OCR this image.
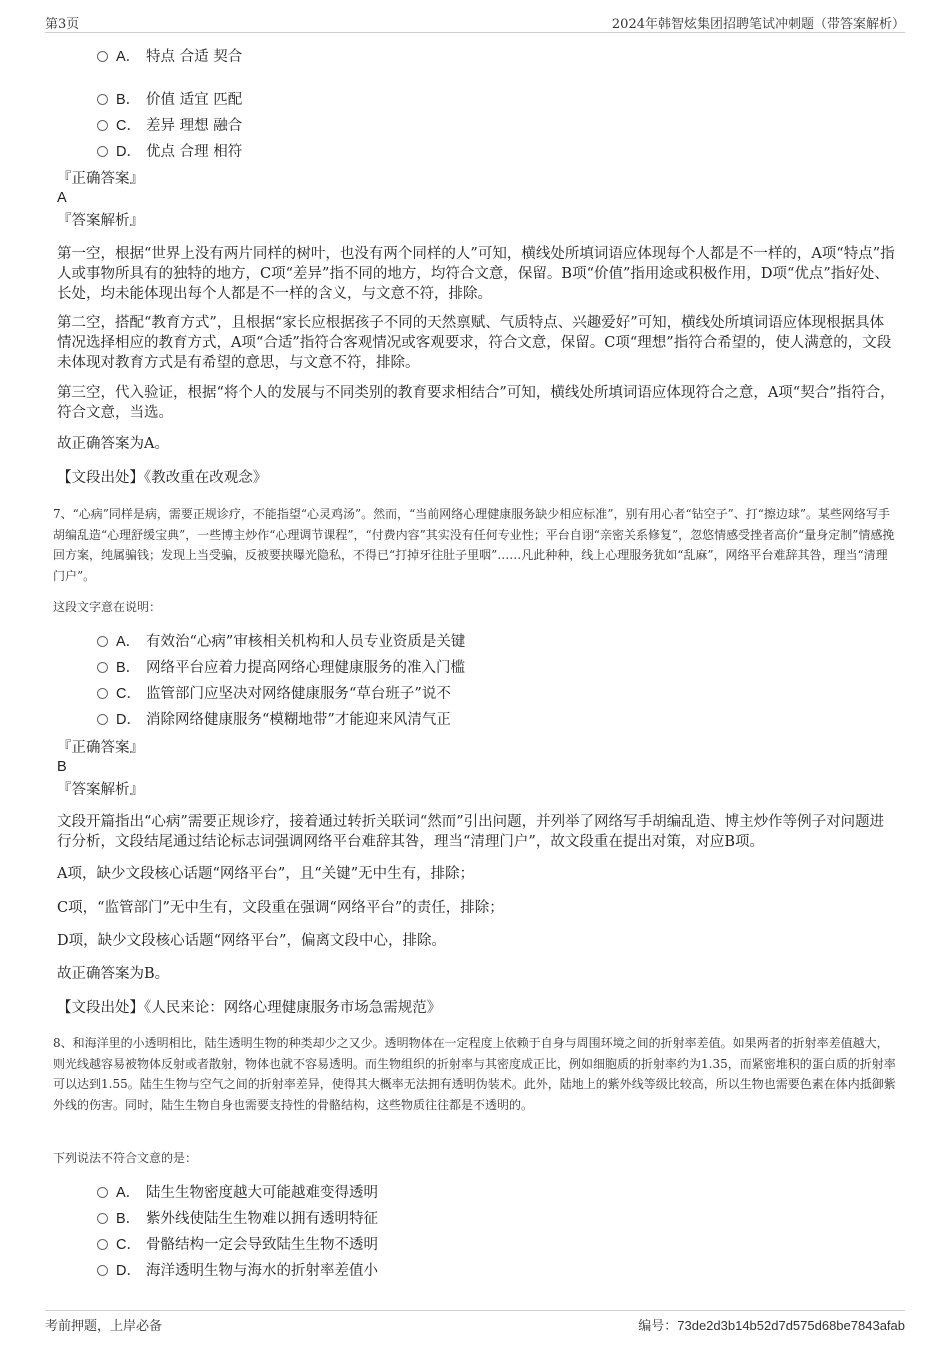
第3页	2024年韩智炫集团招聘笔试冲刺题（带答案解析）
A． 特点 合适 契合
B． 价值 适宜 匹配
C． 差异 理想 融合
D． 优点 合理 相符
『正确答案』
A
『答案解析』

第一空，根据“世界上没有两片同样的树叶，也没有两个同样的人”可知，横线处所填词语应体现每个人都是不一样的，A项“特点”指人或事物所具有的独特的地方，C项“差异”指不同的地方，均符合文意，保留。B项“价值”指用途或积极作用，D项“优点”指好处、长处，均未能体现出每个人都是不一样的含义，与文意不符，排除。

第二空，搭配“教育方式”，且根据“家长应根据孩子不同的天然禀赋、气质特点、兴趣爱好”可知，横线处所填词语应体现根据具体情况选择相应的教育方式，A项“合适”指符合客观情况或客观要求，符合文意，保留。C项“理想”指符合希望的，使人满意的，文段未体现对教育方式是有希望的意思，与文意不符，排除。

第三空，代入验证，根据“将个人的发展与不同类别的教育要求相结合”可知，横线处所填词语应体现符合之意，A项“契合”指符合，符合文意，当选。

故正确答案为A。

【文段出处】《教改重在改观念》

7、“心病”同样是病，需要正规诊疗，不能指望“心灵鸡汤”。然而，“当前网络心理健康服务缺少相应标准”，别有用心者“钻空子”、打“擦边球”。某些网络写手胡编乱造“心理舒缓宝典”，一些博主炒作“心理调节课程”，“付费内容”其实没有任何专业性；平台自诩“亲密关系修复”，忽悠情感受挫者高价“量身定制”情感挽回方案，纯属骗钱；发现上当受骗，反被要挟曝光隐私，不得已“打掉牙往肚子里咽”……凡此种种，线上心理服务犹如“乱麻”，网络平台难辞其咎，理当“清理门户”。

这段文字意在说明：
A． 有效治“心病”审核相关机构和人员专业资质是关键
B． 网络平台应着力提高网络心理健康服务的准入门槛
C． 监管部门应坚决对网络健康服务“草台班子”说不
D． 消除网络健康服务“模糊地带”才能迎来风清气正
『正确答案』
B
『答案解析』

文段开篇指出“心病”需要正规诊疗，接着通过转折关联词“然而”引出问题，并列举了网络写手胡编乱造、博主炒作等例子对问题进行分析，文段结尾通过结论标志词强调网络平台难辞其咎，理当“清理门户”，故文段重在提出对策，对应B项。

A项，缺少文段核心话题“网络平台”，且“关键”无中生有，排除；

C项，“监管部门”无中生有，文段重在强调“网络平台”的责任，排除；

D项，缺少文段核心话题“网络平台”，偏离文段中心，排除。

故正确答案为B。

【文段出处】《人民来论：网络心理健康服务市场急需规范》

8、和海洋里的小透明相比，陆生透明生物的种类却少之又少。透明物体在一定程度上依赖于自身与周围环境之间的折射率差值。如果两者的折射率差值越大，则光线越容易被物体反射或者散射，物体也就不容易透明。而生物组织的折射率与其密度成正比，例如细胞质的折射率约为1.35，而紧密堆积的蛋白质的折射率可以达到1.55。陆生生物与空气之间的折射率差异，使得其大概率无法拥有透明伪装术。此外，陆地上的紫外线等级比较高，所以生物也需要色素在体内抵御紫外线的伤害。同时，陆生生物自身也需要支持性的骨骼结构，这些物质往往都是不透明的。

下列说法不符合文意的是：
A． 陆生生物密度越大可能越难变得透明
B． 紫外线使陆生生物难以拥有透明特征
C． 骨骼结构一定会导致陆生生物不透明
D． 海洋透明生物与海水的折射率差值小
考前押题，上岸必备	编号：73de2d3b14b52d7d575d68be7843afab
